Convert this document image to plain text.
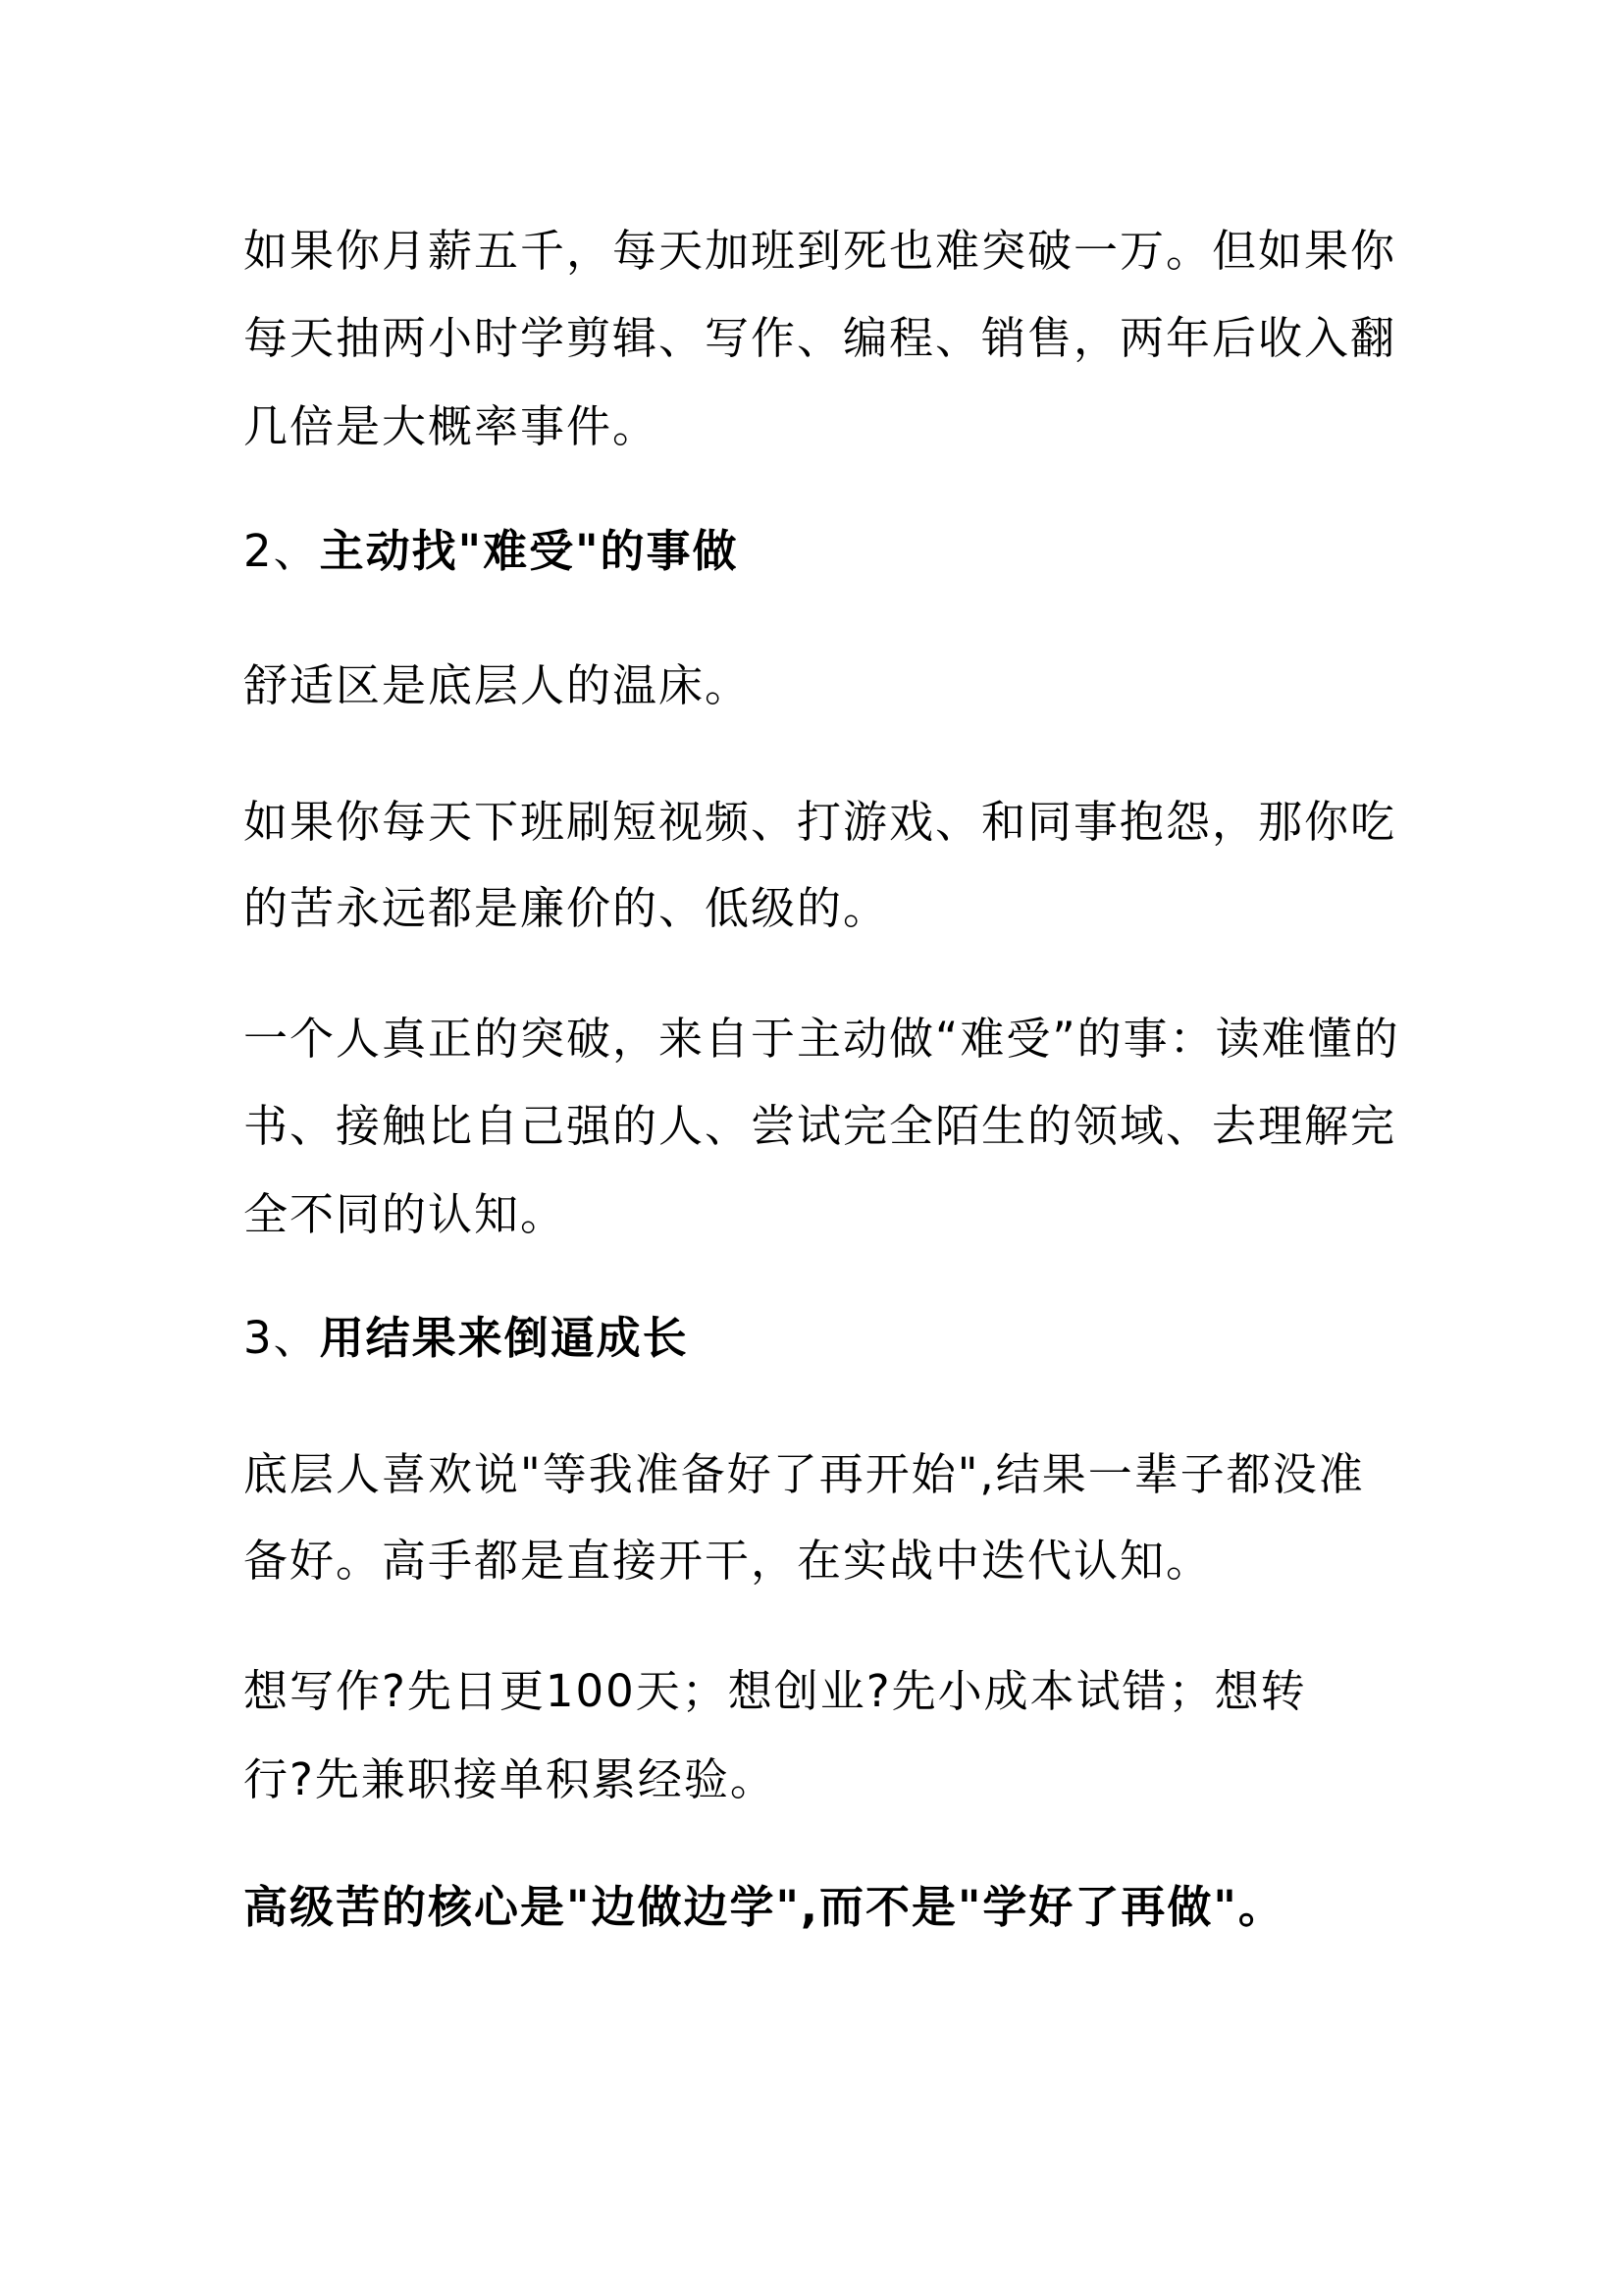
如果你月薪五千，每天加班到死也难突破一万。但如果你
每天抽两小时学剪辑、写作、编程、销售，两年后收入翻
几倍是大概率事件。
2、主动找"难受"的事做
舒适区是底层人的温床。
如果你每天下班刷短视频、打游戏、和同事抱怨，那你吃
的苦永远都是廉价的、低级的。
一个人真正的突破，来自于主动做“难受”的事：读难懂的
书、接触比自己强的人、尝试完全陌生的领域、去理解完
全不同的认知。
3、用结果来倒逼成长
底层人喜欢说"等我准备好了再开始",结果一辈子都没准
备好。高手都是直接开干，在实战中迭代认知。
想写作?先日更100天；想创业?先小成本试错；想转
行?先兼职接单积累经验。
高级苦的核心是"边做边学",而不是"学好了再做"。
